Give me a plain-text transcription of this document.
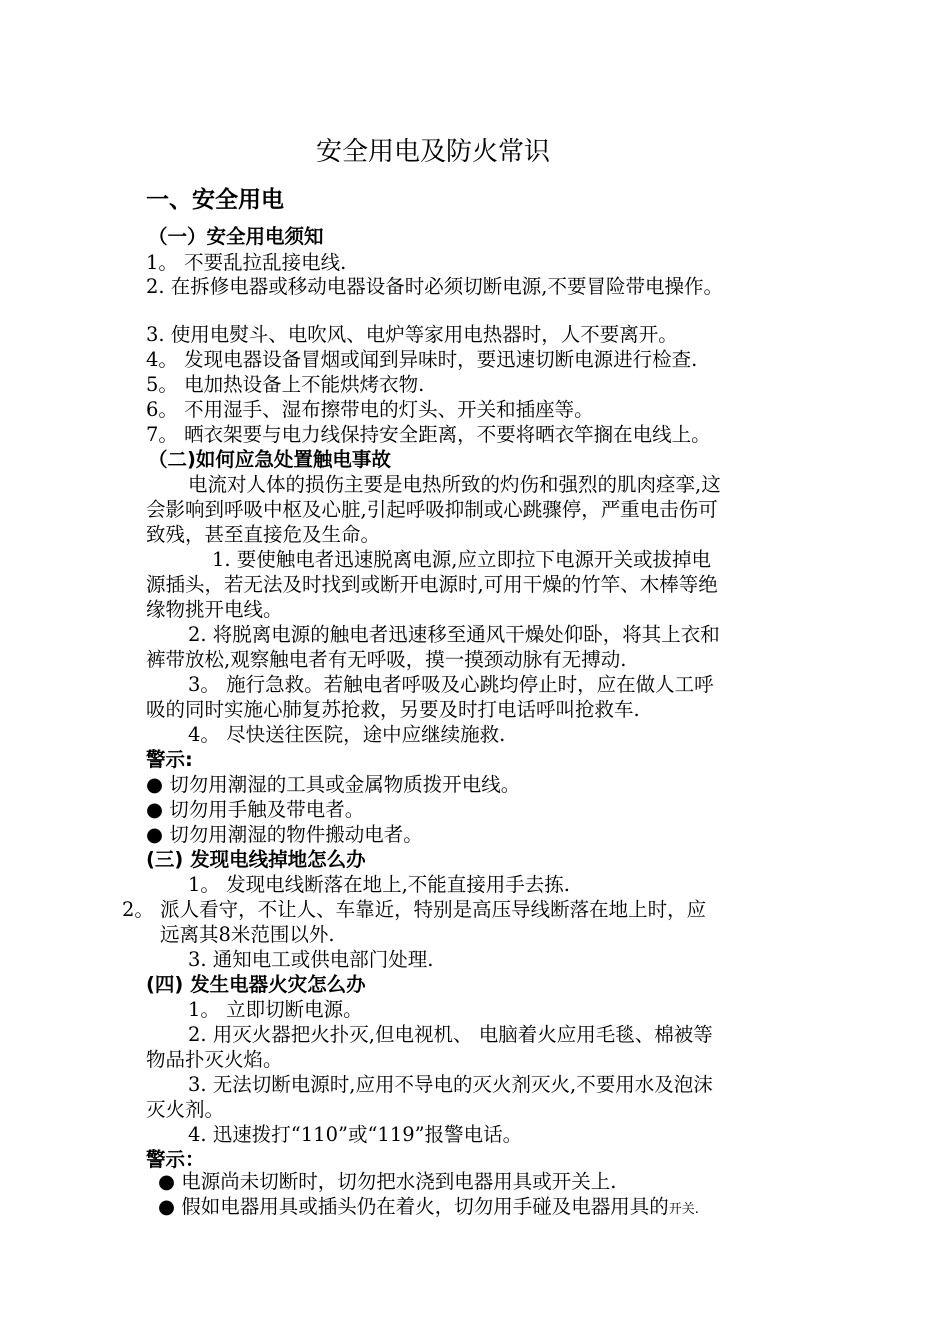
安全用电及防火常识
一、安全用电
（一）安全用电须知
1。 不要乱拉乱接电线.
2. 在拆修电器或移动电器设备时必须切断电源,不要冒险带电操作。
3. 使用电熨斗、电吹风、电炉等家用电热器时，人不要离开。
4。 发现电器设备冒烟或闻到异味时，要迅速切断电源进行检查.
5。 电加热设备上不能烘烤衣物.
6。 不用湿手、湿布擦带电的灯头、开关和插座等。
7。 晒衣架要与电力线保持安全距离，不要将晒衣竿搁在电线上。
（二)如何应急处置触电事故
电流对人体的损伤主要是电热所致的灼伤和强烈的肌肉痉挛,这
会影响到呼吸中枢及心脏,引起呼吸抑制或心跳骤停，严重电击伤可
致残，甚至直接危及生命。
1. 要使触电者迅速脱离电源,应立即拉下电源开关或拔掉电
源插头，若无法及时找到或断开电源时,可用干燥的竹竿、木棒等绝
缘物挑开电线。
2. 将脱离电源的触电者迅速移至通风干燥处仰卧，将其上衣和
裤带放松,观察触电者有无呼吸，摸一摸颈动脉有无搏动.
3。 施行急救。若触电者呼吸及心跳均停止时，应在做人工呼
吸的同时实施心肺复苏抢救，另要及时打电话呼叫抢救车.
4。 尽快送往医院，途中应继续施救.
警示:
● 切勿用潮湿的工具或金属物质拨开电线。
● 切勿用手触及带电者。
● 切勿用潮湿的物件搬动电者。
(三) 发现电线掉地怎么办
1。 发现电线断落在地上,不能直接用手去拣.
2。 派人看守，不让人、车靠近，特别是高压导线断落在地上时，应
远离其8米范围以外.
3. 通知电工或供电部门处理.
(四) 发生电器火灾怎么办
1。 立即切断电源。
2. 用灭火器把火扑灭,但电视机、 电脑着火应用毛毯、棉被等
物品扑灭火焰。
3. 无法切断电源时,应用不导电的灭火剂灭火,不要用水及泡沫
灭火剂。
4. 迅速拨打“110”或“119”报警电话。
警示：
● 电源尚未切断时，切勿把水浇到电器用具或开关上.
● 假如电器用具或插头仍在着火，切勿用手碰及电器用具的开关.
